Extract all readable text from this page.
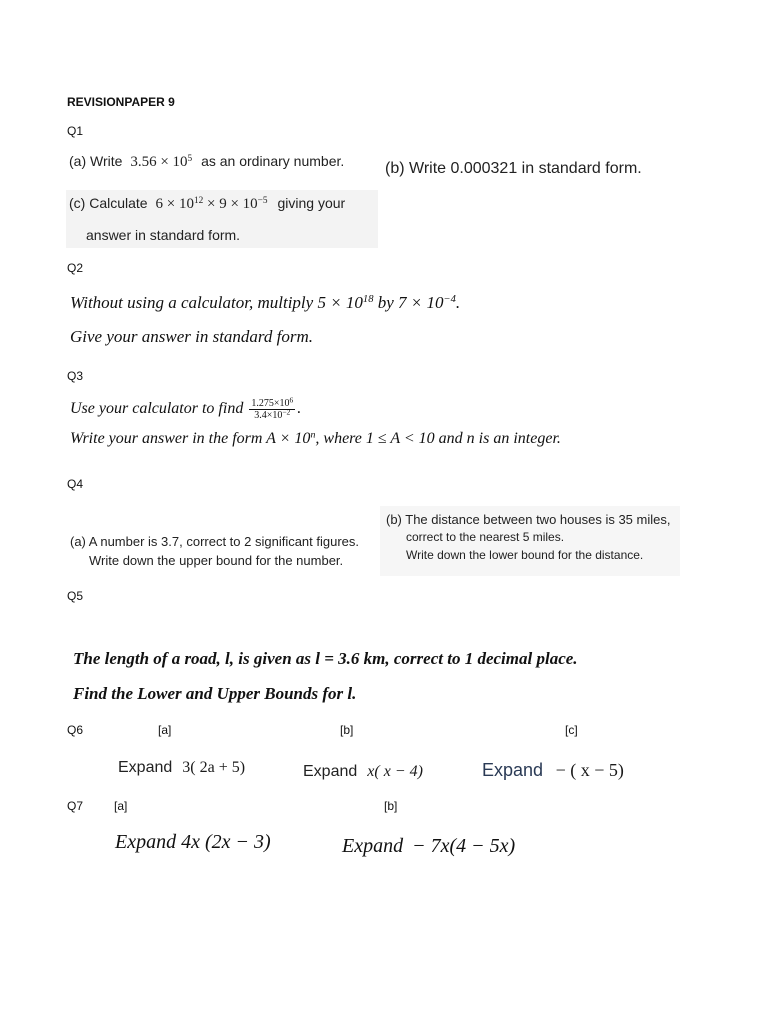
REVISIONPAPER 9
Q1
(a) Write $3.56 \times 10^5$ as an ordinary number.	(b) Write 0.000321 in standard form.
(c) Calculate $6 \times 10^{12} \times 9 \times 10^{-5}$ giving your
answer in standard form.
Q2
Without using a calculator, multiply $5 \times 10^{18}$ by $7 \times 10^{-4}$.
Give your answer in standard form.
Q3
Use your calculator to find $\frac{1.275\times 10^6}{3.4\times 10^{-2}}$ .
Write your answer in the form $A \times 10^n$, where 1 ≤ A < 10 and n is an integer.
Q4
(a) A number is 3.7, correct to 2 significant figures.
Write down the upper bound for the number.
(b) The distance between two houses is 35 miles,
correct to the nearest 5 miles.
Write down the lower bound for the distance.
Q5
The length of a road, l, is given as l = 3.6 km, correct to 1 decimal place.
Find the Lower and Upper Bounds for l.
Q6	[a]	[b]	[c]
Expand 3( 2a + 5)	Expand x( x − 4)	Expand − ( x − 5)
Q7	[a]	[b]
Expand 4x (2x − 3)	Expand − 7x(4 − 5x)
